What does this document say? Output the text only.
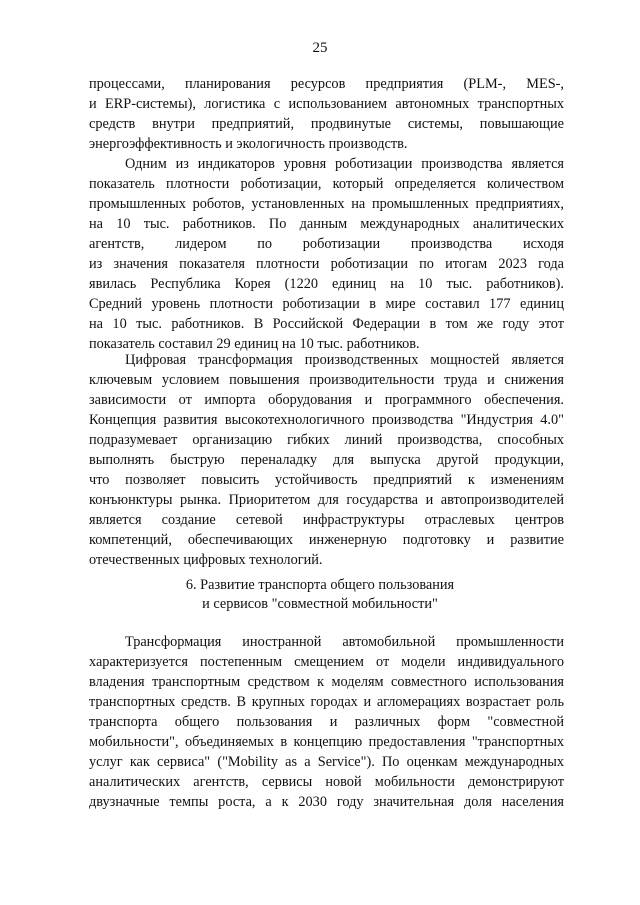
25
процессами, планирования ресурсов предприятия (PLM-, MES-,
и ERP-системы), логистика с использованием автономных транспортных
средств внутри предприятий, продвинутые системы, повышающие
энергоэффективность и экологичность производств.
Одним из индикаторов уровня роботизации производства является
показатель плотности роботизации, который определяется количеством
промышленных роботов, установленных на промышленных предприятиях,
на 10 тыс. работников. По данным международных аналитических
агентств, лидером по роботизации производства исходя
из значения показателя плотности роботизации по итогам 2023 года
явилась Республика Корея (1220 единиц на 10 тыс. работников).
Средний уровень плотности роботизации в мире составил 177 единиц
на 10 тыс. работников. В Российской Федерации в том же году этот
показатель составил 29 единиц на 10 тыс. работников.
Цифровая трансформация производственных мощностей является
ключевым условием повышения производительности труда и снижения
зависимости от импорта оборудования и программного обеспечения.
Концепция развития высокотехнологичного производства "Индустрия 4.0"
подразумевает организацию гибких линий производства, способных
выполнять быструю переналадку для выпуска другой продукции,
что позволяет повысить устойчивость предприятий к изменениям
конъюнктуры рынка. Приоритетом для государства и автопроизводителей
является создание сетевой инфраструктуры отраслевых центров
компетенций, обеспечивающих инженерную подготовку и развитие
отечественных цифровых технологий.
6. Развитие транспорта общего пользования
и сервисов "совместной мобильности"
Трансформация иностранной автомобильной промышленности
характеризуется постепенным смещением от модели индивидуального
владения транспортным средством к моделям совместного использования
транспортных средств. В крупных городах и агломерациях возрастает роль
транспорта общего пользования и различных форм "совместной
мобильности", объединяемых в концепцию предоставления "транспортных
услуг как сервиса" ("Mobility as a Service"). По оценкам международных
аналитических агентств, сервисы новой мобильности демонстрируют
двузначные темпы роста, а к 2030 году значительная доля населения
